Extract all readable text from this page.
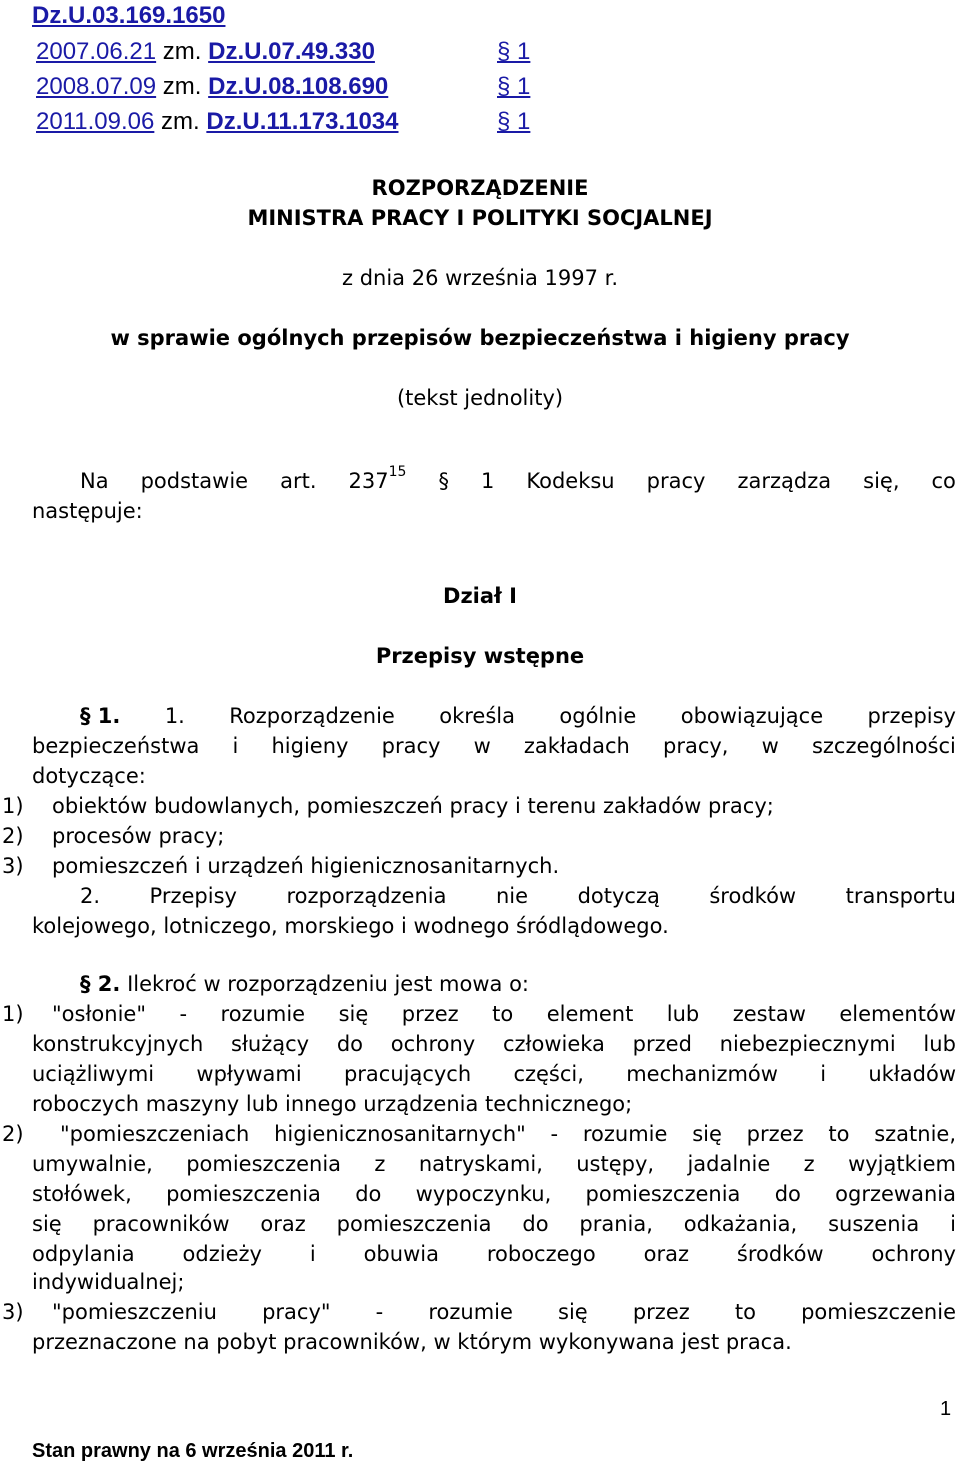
Dz.U.03.169.1650
2007.06.21 zm. Dz.U.07.49.330	§ 1
2008.07.09 zm. Dz.U.08.108.690	§ 1
2011.09.06 zm. Dz.U.11.173.1034	§ 1
ROZPORZĄDZENIE
MINISTRA PRACY I POLITYKI SOCJALNEJ
z dnia 26 września 1997 r.
w sprawie ogólnych przepisów bezpieczeństwa i higieny pracy
(tekst jednolity)
Na podstawie art. $237^{15}$ § 1 Kodeksu pracy zarządza się, co
następuje:
Dział I
Przepisy wstępne
§ 1. 1. Rozporządzenie określa ogólnie obowiązujące przepisy
bezpieczeństwa i higieny pracy w zakładach pracy, w szczególności
dotyczące:
1) obiektów budowlanych, pomieszczeń pracy i terenu zakładów pracy;
2) procesów pracy;
3) pomieszczeń i urządzeń higienicznosanitarnych.
2. Przepisy rozporządzenia nie dotyczą środków transportu
kolejowego, lotniczego, morskiego i wodnego śródlądowego.
§ 2. Ilekroć w rozporządzeniu jest mowa o:
1) "osłonie" - rozumie się przez to element lub zestaw elementów
konstrukcyjnych służący do ochrony człowieka przed niebezpiecznymi lub
uciążliwymi wpływami pracujących części, mechanizmów i układów
roboczych maszyny lub innego urządzenia technicznego;
2) "pomieszczeniach higienicznosanitarnych" - rozumie się przez to szatnie,
umywalnie, pomieszczenia z natryskami, ustępy, jadalnie z wyjątkiem
stołówek, pomieszczenia do wypoczynku, pomieszczenia do ogrzewania
się pracowników oraz pomieszczenia do prania, odkażania, suszenia i
odpylania odzieży i obuwia roboczego oraz środków ochrony
indywidualnej;
3) "pomieszczeniu pracy" - rozumie się przez to pomieszczenie
przeznaczone na pobyt pracowników, w którym wykonywana jest praca.
1
Stan prawny na 6 września 2011 r.
